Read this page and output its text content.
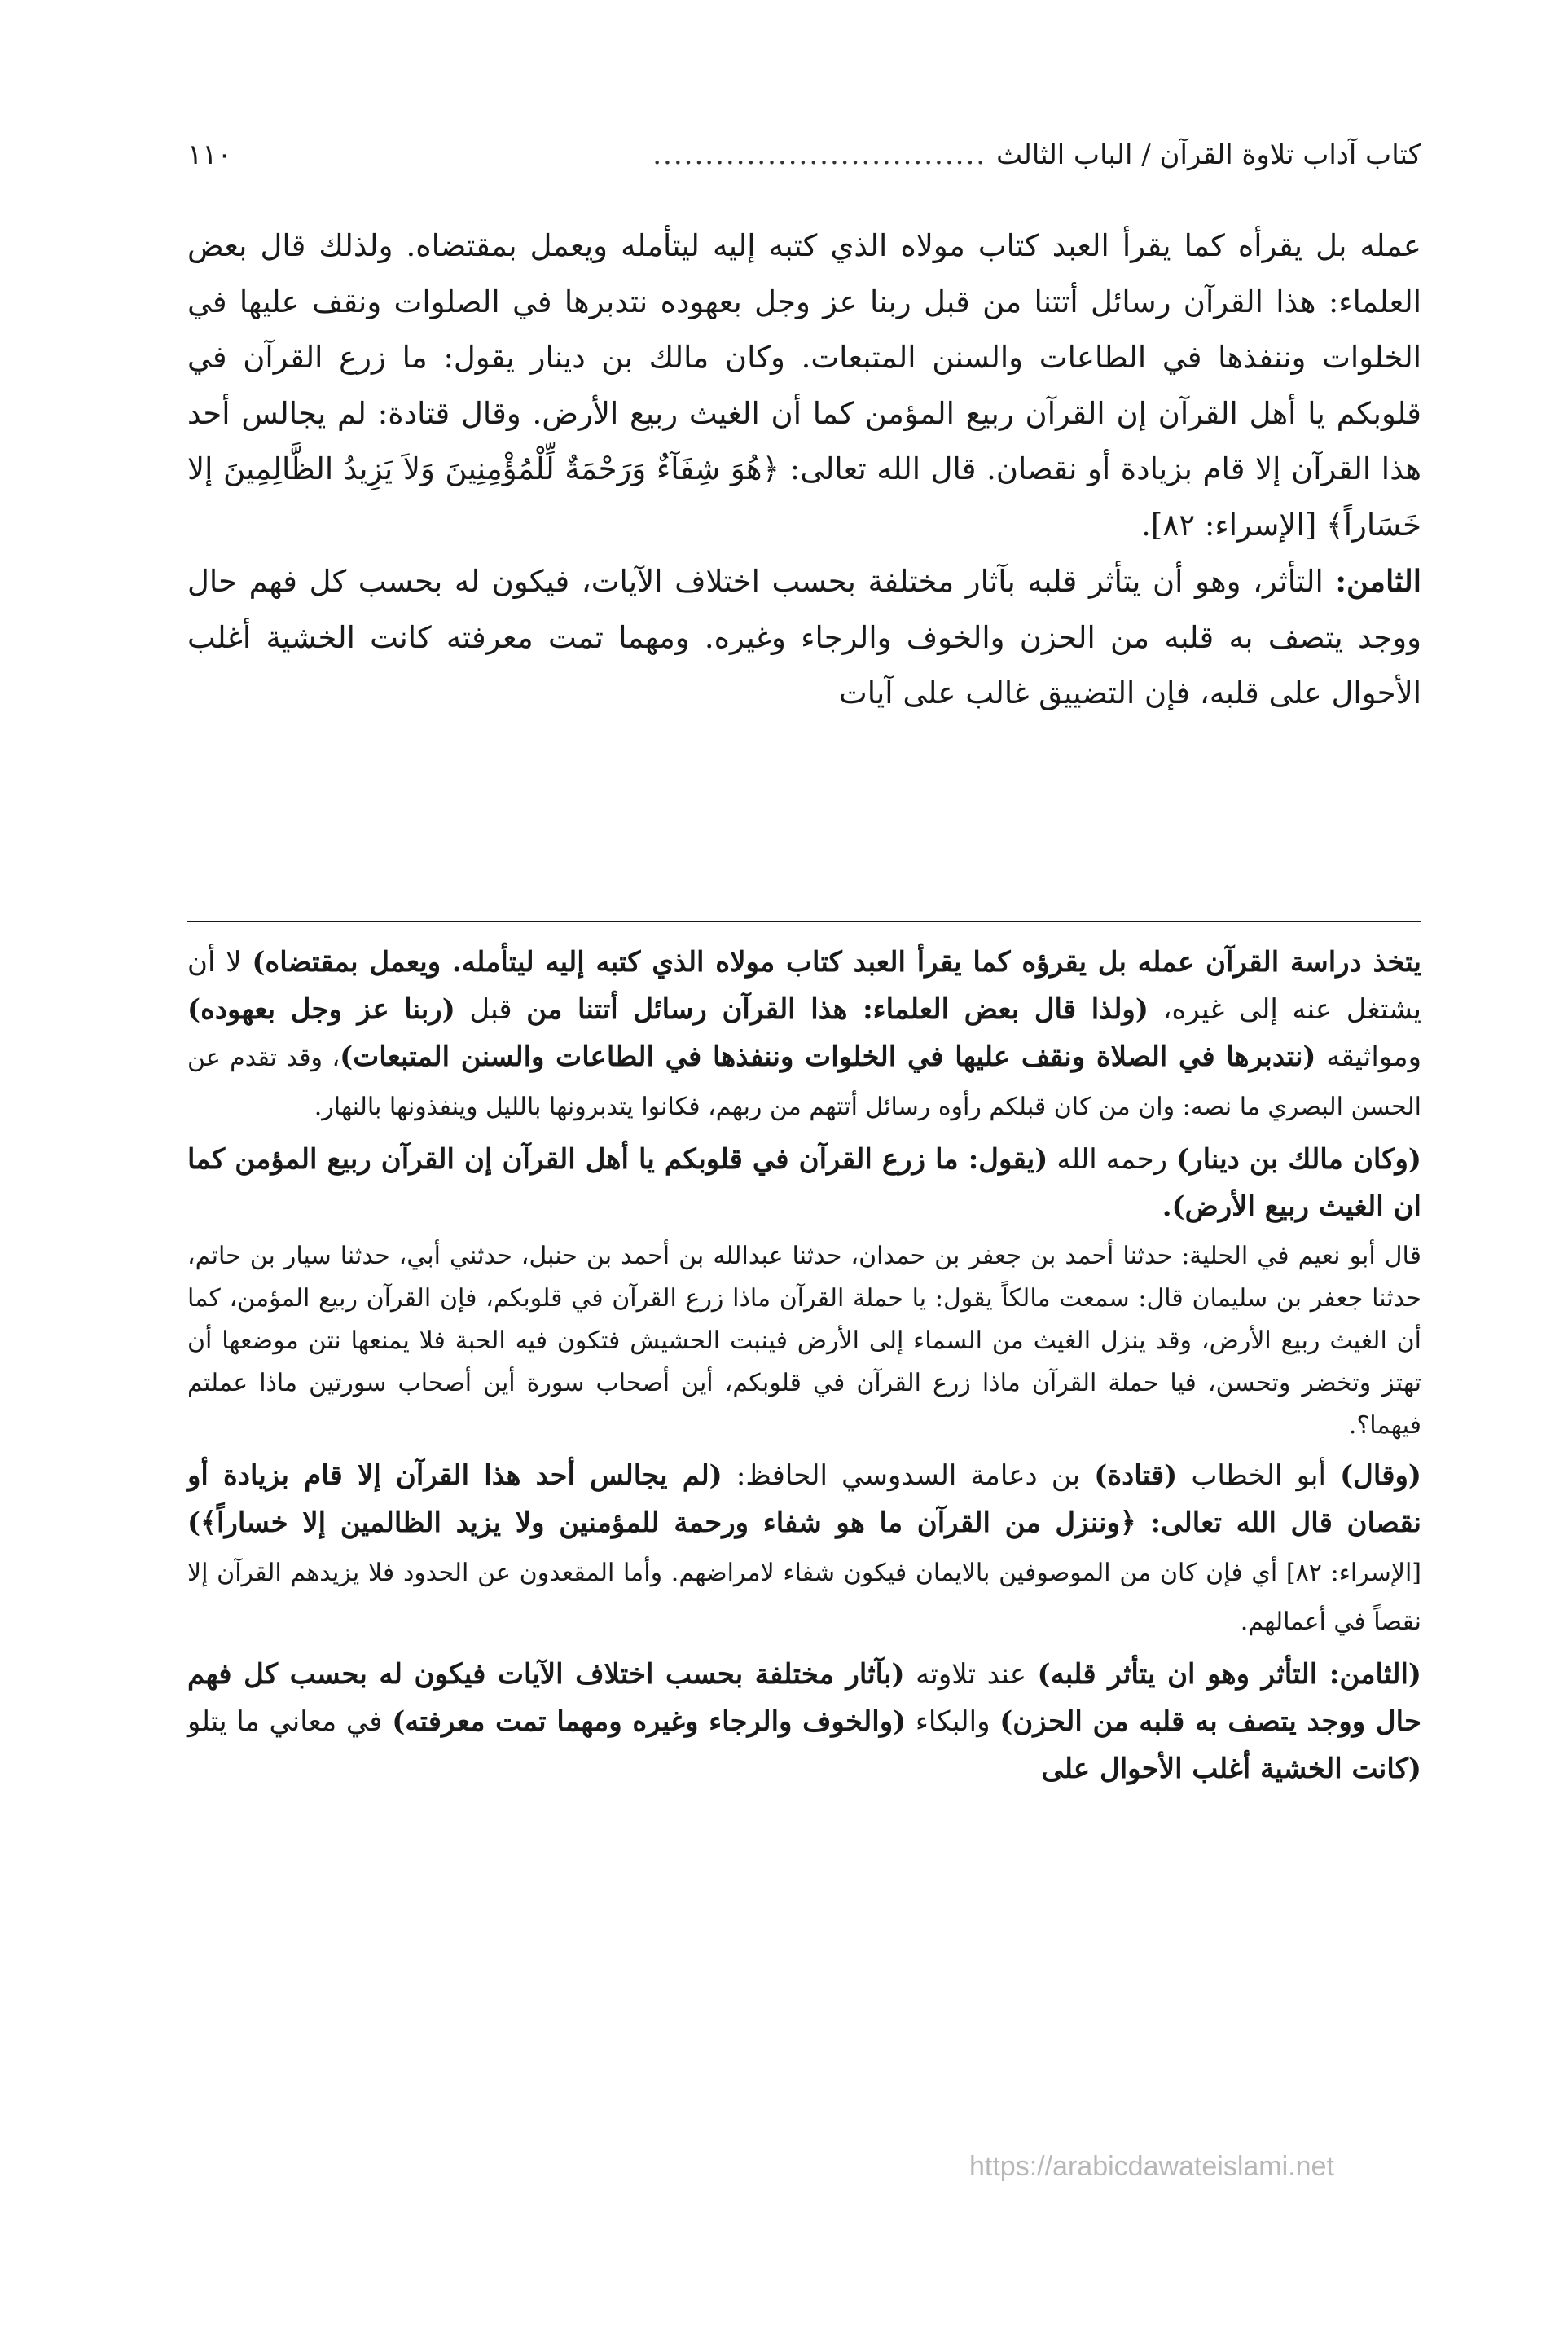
كتاب آداب تلاوة القرآن / الباب الثالث
................................
١١٠

عمله بل يقرأه كما يقرأ العبد كتاب مولاه الذي كتبه إليه ليتأمله ويعمل بمقتضاه. ولذلك قال بعض العلماء: هذا القرآن رسائل أتتنا من قبل ربنا عز وجل بعهوده نتدبرها في الصلوات ونقف عليها في الخلوات وننفذها في الطاعات والسنن المتبعات. وكان مالك بن دينار يقول: ما زرع القرآن في قلوبكم يا أهل القرآن إن القرآن ربيع المؤمن كما أن الغيث ربيع الأرض. وقال قتادة: لم يجالس أحد هذا القرآن إلا قام بزيادة أو نقصان. قال الله تعالى: ﴿هُوَ شِفَآءٌ وَرَحْمَةٌ لِّلْمُؤْمِنِينَ وَلاَ يَزِيدُ الظَّالِمِينَ إلا خَسَاراً﴾ [الإسراء: ٨٢].

الثامن: التأثر، وهو أن يتأثر قلبه بآثار مختلفة بحسب اختلاف الآيات، فيكون له بحسب كل فهم حال ووجد يتصف به قلبه من الحزن والخوف والرجاء وغيره. ومهما تمت معرفته كانت الخشية أغلب الأحوال على قلبه، فإن التضييق غالب على آيات

يتخذ دراسة القرآن عمله بل يقرؤه كما يقرأ العبد كتاب مولاه الذي كتبه إليه ليتأمله. ويعمل بمقتضاه) لا أن يشتغل عنه إلى غيره، (ولذا قال بعض العلماء: هذا القرآن رسائل أتتنا من قبل (ربنا عز وجل بعهوده) ومواثيقه (نتدبرها في الصلاة ونقف عليها في الخلوات وننفذها في الطاعات والسنن المتبعات)، وقد تقدم عن الحسن البصري ما نصه: وان من كان قبلكم رأوه رسائل أتتهم من ربهم، فكانوا يتدبرونها بالليل وينفذونها بالنهار.

(وكان مالك بن دينار) رحمه الله (يقول: ما زرع القرآن في قلوبكم يا أهل القرآن إن القرآن ربيع المؤمن كما ان الغيث ربيع الأرض).

قال أبو نعيم في الحلية: حدثنا أحمد بن جعفر بن حمدان، حدثنا عبدالله بن أحمد بن حنبل، حدثني أبي، حدثنا سيار بن حاتم، حدثنا جعفر بن سليمان قال: سمعت مالكاً يقول: يا حملة القرآن ماذا زرع القرآن في قلوبكم، فإن القرآن ربيع المؤمن، كما أن الغيث ربيع الأرض، وقد ينزل الغيث من السماء إلى الأرض فينبت الحشيش فتكون فيه الحبة فلا يمنعها نتن موضعها أن تهتز وتخضر وتحسن، فيا حملة القرآن ماذا زرع القرآن في قلوبكم، أين أصحاب سورة أين أصحاب سورتين ماذا عملتم فيهما؟.

(وقال) أبو الخطاب (قتادة) بن دعامة السدوسي الحافظ: (لم يجالس أحد هذا القرآن إلا قام بزيادة أو نقصان قال الله تعالى: ﴿وننزل من القرآن ما هو شفاء ورحمة للمؤمنين ولا يزيد الظالمين إلا خساراً﴾) [الإسراء: ٨٢] أي فإن كان من الموصوفين بالايمان فيكون شفاء لامراضهم. وأما المقعدون عن الحدود فلا يزيدهم القرآن إلا نقصاً في أعمالهم.

(الثامن: التأثر وهو ان يتأثر قلبه) عند تلاوته (بآثار مختلفة بحسب اختلاف الآيات فيكون له بحسب كل فهم حال ووجد يتصف به قلبه من الحزن) والبكاء (والخوف والرجاء وغيره ومهما تمت معرفته) في معاني ما يتلو (كانت الخشية أغلب الأحوال على

https://arabicdawateislami.net
